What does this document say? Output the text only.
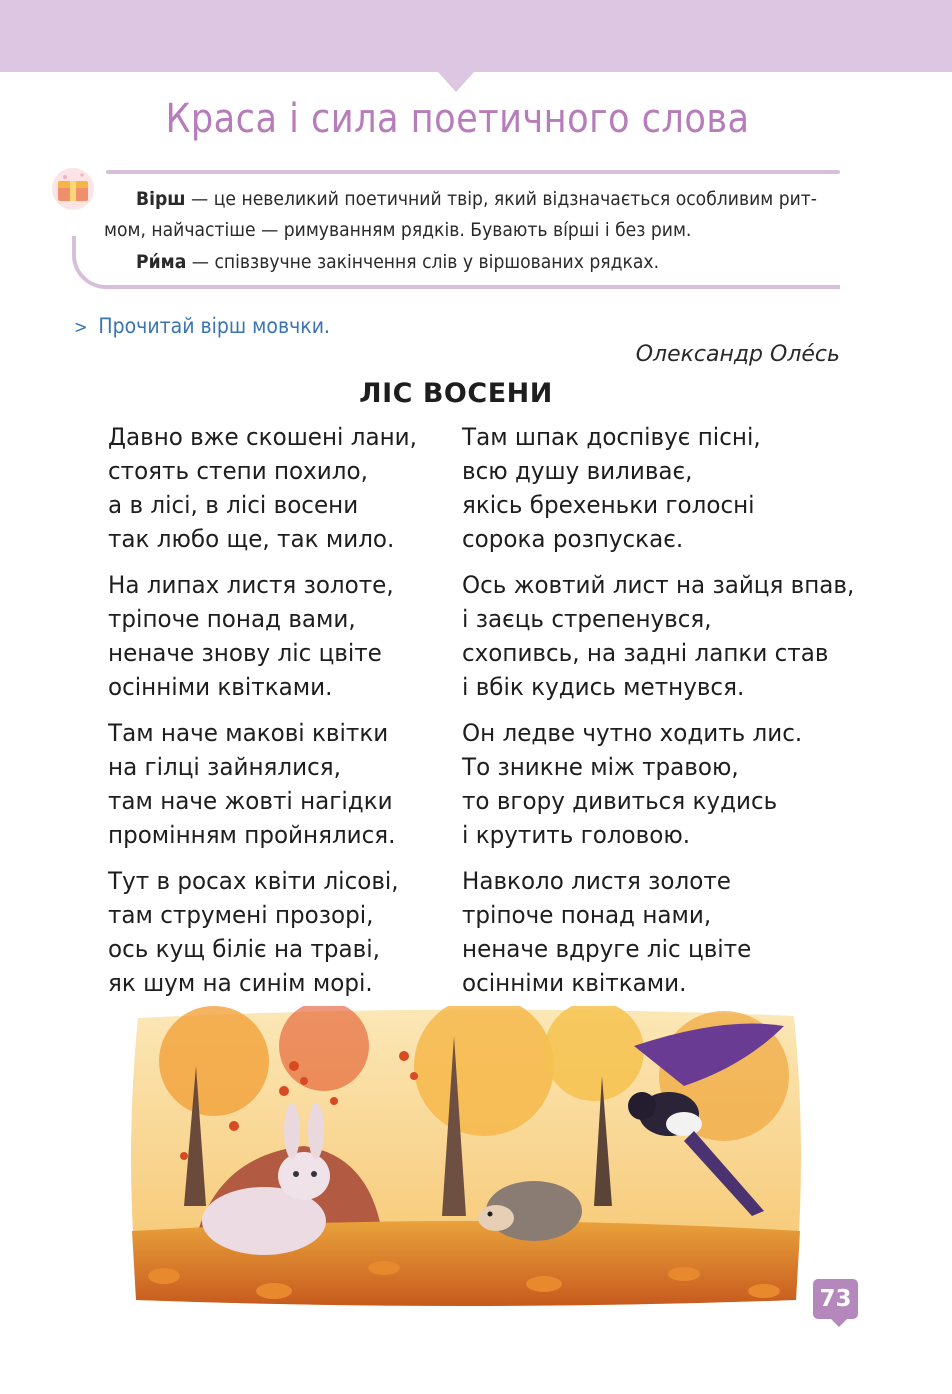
Краса і сила поетичного слова
Вірш — це невеликий поетичний твір, який відзначається особливим рит-
мом, найчастіше — римуванням рядків. Бувають ві́рші і без рим.
Ри́ма — співзвучне закінчення слів у віршованих рядках.
> Прочитай вірш мовчки.
Олександр Оле́сь
ЛІС ВОСЕНИ
Давно вже скошені лани,
стоять степи похило,
а в лісі, в лісі восени
так любо ще, так мило.
На липах листя золоте,
тріпоче понад вами,
неначе знову ліс цвіте
осінніми квітками.
Там наче макові квітки
на гілці зайнялися,
там наче жовті нагідки
промінням пройнялися.
Тут в росах квіти лісові,
там струмені прозорі,
ось кущ біліє на траві,
як шум на синім морі.
Там шпак доспівує пісні,
всю душу виливає,
якісь брехеньки голосні
сорока розпускає.
Ось жовтий лист на зайця впав,
і заєць стрепенувся,
схопивсь, на задні лапки став
і вбік кудись метнувся.
Он ледве чутно ходить лис.
То зникне між травою,
то вгору дивиться кудись
і крутить головою.
Навколо листя золоте
тріпоче понад нами,
неначе вдруге ліс цвіте
осінніми квітками.
73
